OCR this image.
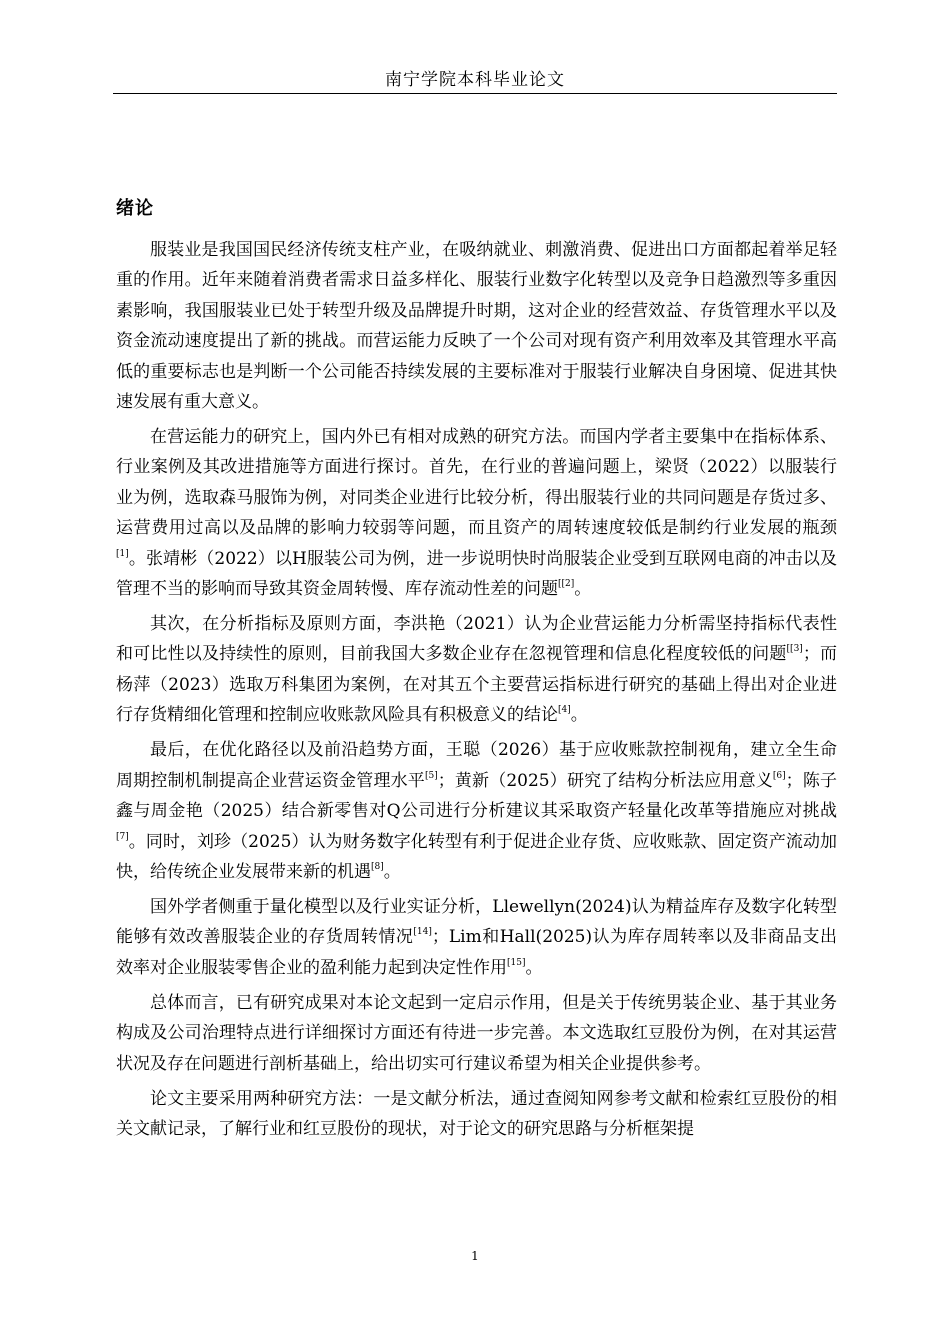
南宁学院本科毕业论文
绪论

服装业是我国国民经济传统支柱产业，在吸纳就业、刺激消费、促进出口方面都起着举足轻重的作用。近年来随着消费者需求日益多样化、服装行业数字化转型以及竞争日趋激烈等多重因素影响，我国服装业已处于转型升级及品牌提升时期，这对企业的经营效益、存货管理水平以及资金流动速度提出了新的挑战。而营运能力反映了一个公司对现有资产利用效率及其管理水平高低的重要标志也是判断一个公司能否持续发展的主要标准对于服装行业解决自身困境、促进其快速发展有重大意义。

在营运能力的研究上，国内外已有相对成熟的研究方法。而国内学者主要集中在指标体系、行业案例及其改进措施等方面进行探讨。首先，在行业的普遍问题上，梁贤（2022）以服装行业为例，选取森马服饰为例，对同类企业进行比较分析，得出服装行业的共同问题是存货过多、运营费用过高以及品牌的影响力较弱等问题，而且资产的周转速度较低是制约行业发展的瓶颈[1]。张靖彬（2022）以H服装公司为例，进一步说明快时尚服装企业受到互联网电商的冲击以及管理不当的影响而导致其资金周转慢、库存流动性差的问题[[2]。

其次，在分析指标及原则方面，李洪艳（2021）认为企业营运能力分析需坚持指标代表性和可比性以及持续性的原则，目前我国大多数企业存在忽视管理和信息化程度较低的问题[[3]；而杨萍（2023）选取万科集团为案例，在对其五个主要营运指标进行研究的基础上得出对企业进行存货精细化管理和控制应收账款风险具有积极意义的结论[4]。

最后，在优化路径以及前沿趋势方面，王聪（2026）基于应收账款控制视角，建立全生命周期控制机制提高企业营运资金管理水平[5]；黄新（2025）研究了结构分析法应用意义[6]；陈子鑫与周金艳（2025）结合新零售对Q公司进行分析建议其采取资产轻量化改革等措施应对挑战[7]。同时，刘珍（2025）认为财务数字化转型有利于促进企业存货、应收账款、固定资产流动加快，给传统企业发展带来新的机遇[8]。

国外学者侧重于量化模型以及行业实证分析，Llewellyn(2024)认为精益库存及数字化转型能够有效改善服装企业的存货周转情况[14]；Lim和Hall(2025)认为库存周转率以及非商品支出效率对企业服装零售企业的盈利能力起到决定性作用[15]。

总体而言，已有研究成果对本论文起到一定启示作用，但是关于传统男装企业、基于其业务构成及公司治理特点进行详细探讨方面还有待进一步完善。本文选取红豆股份为例，在对其运营状况及存在问题进行剖析基础上，给出切实可行建议希望为相关企业提供参考。

论文主要采用两种研究方法：一是文献分析法，通过查阅知网参考文献和检索红豆股份的相关文献记录，了解行业和红豆股份的现状，对于论文的研究思路与分析框架提

1
